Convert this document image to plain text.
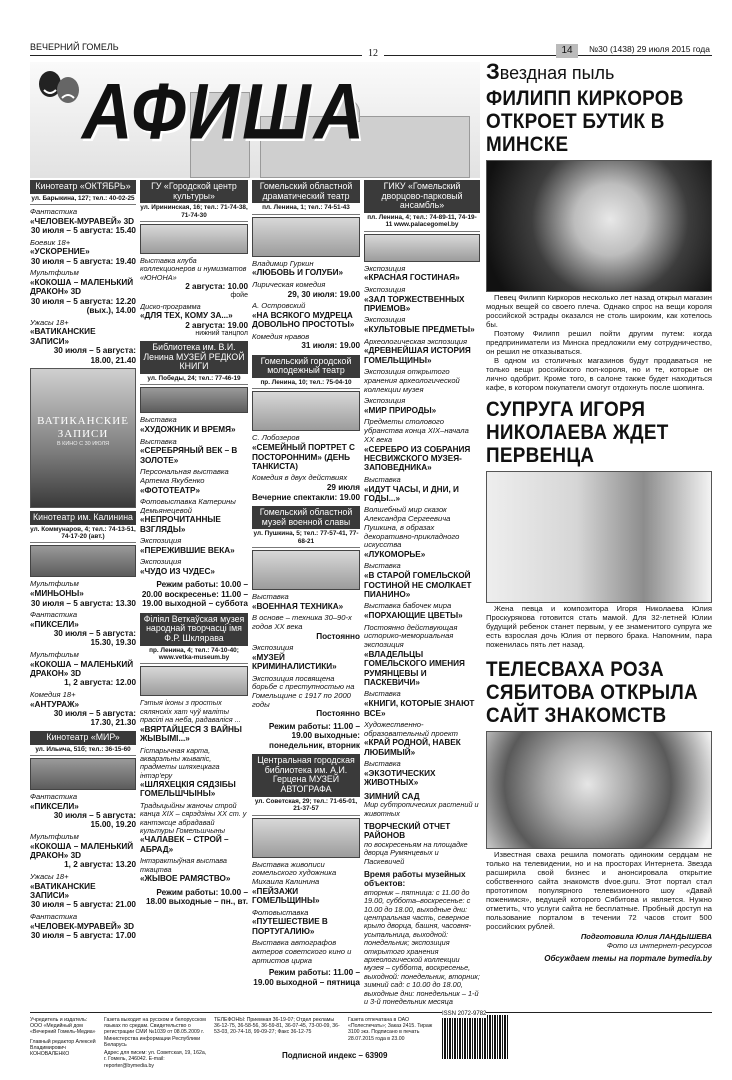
ВЕЧЕРНИЙ ГОМЕЛЬ
12	14	№30 (1438) 29 июля 2015 года
АФИША
Кинотеатр «ОКТЯБРЬ»
ул. Барыкина, 127; тел.: 40-02-25
Фантастика
«ЧЕЛОВЕК-МУРАВЕЙ» 3D
30 июля – 5 августа: 15.40
Боевик 18+
«УСКОРЕНИЕ»
30 июля – 5 августа: 19.40
Мультфильм
«КОКОША – МАЛЕНЬКИЙ ДРАКОН» 3D
30 июля – 5 августа: 12.20 (вых.), 14.00
Ужасы 18+
«ВАТИКАНСКИЕ ЗАПИСИ»
30 июля – 5 августа: 18.00, 21.40
ВАТИКАНСКИЕ ЗАПИСИ
В КИНО С 30 ИЮЛЯ
Кинотеатр им. Калинина
ул. Коммунаров, 4; тел.: 74-13-51, 74-17-20 (авт.)
Мультфильм
«МИНЬОНЫ»
30 июля – 5 августа: 13.30
Фантастика
«ПИКСЕЛИ»
30 июля – 5 августа: 15.30, 19.30
Мультфильм
«КОКОША – МАЛЕНЬКИЙ ДРАКОН» 3D
1, 2 августа: 12.00
Комедия 18+
«АНТУРАЖ»
30 июля – 5 августа: 17.30, 21.30
Кинотеатр «МИР»
ул. Ильича, 51б; тел.: 36-15-60
Фантастика
«ПИКСЕЛИ»
30 июля – 5 августа: 15.00, 19.20
Мультфильм
«КОКОША – МАЛЕНЬКИЙ ДРАКОН» 3D
1, 2 августа: 13.20
Ужасы 18+
«ВАТИКАНСКИЕ ЗАПИСИ»
30 июля – 5 августа: 21.00
Фантастика
«ЧЕЛОВЕК-МУРАВЕЙ» 3D
30 июля – 5 августа: 17.00
ГУ «Городской центр культуры»
ул. Ирининская, 16; тел.: 71-74-38, 71-74-30
Выставка клуба коллекционеров и нумизматов «ЮНОНА»
2 августа: 10.00
фойе
Диско-программа
«ДЛЯ ТЕХ, КОМУ ЗА...»
2 августа: 19.00
нижний танцпол
Библиотека им. В.И. Ленина МУЗЕЙ РЕДКОЙ КНИГИ
ул. Победы, 24; тел.: 77-46-19
Выставка
«ХУДОЖНИК И ВРЕМЯ»
Выставка
«СЕРЕБРЯНЫЙ ВЕК – В ЗОЛОТЕ»
Персональная выставка Артема Якубенко
«ФОТОТЕАТР»
Фотовыставка Катерины Демьянецевой
«НЕПРОЧИТАННЫЕ ВЗГЛЯДЫ»
Экспозиция
«ПЕРЕЖИВШИЕ ВЕКА»
Экспозиция
«ЧУДО ИЗ ЧУДЕС»
Режим работы: 10.00 – 20.00 воскресенье: 11.00 – 19.00 выходной – суббота
Філіял Веткаўская музея народнай творчасці імя Ф.Р. Шклярава
пр. Ленина, 4; тел.: 74-10-40; www.vetka-museum.by
Гэтыя іконы з простых сялянскіх хат чуў маліты прасілі на неба, радаваліся ...
«ВЯРТАЙЦЕСЯ З ВАЙНЫ ЖЫВЫМІ...»
Гістарычная карта, акварэльны жывапіс, прадметы шляхецкага інтэр'еру
«ШЛЯХЕЦКІЯ СЯДЗІБЫ ГОМЕЛЬШЧЫНЫ»
Традыцыйны жаночы строй канца XIX – сярэдзіны XX ст. у кантэксце абрадавай культуры Гомельшчыны
«ЧАЛАВЕК – СТРОЙ – АБРАД»
Інтэрактыўная выстава ткацтва
«ЖЫВОЕ РАМЯСТВО»
Режим работы: 10.00 – 18.00 выходные – пн., вт.
Гомельский областной драматический театр
пл. Ленина, 1; тел.: 74-51-43
Владимир Гуркин
«ЛЮБОВЬ И ГОЛУБИ»
Лирическая комедия
29, 30 июля: 19.00
А. Островский
«НА ВСЯКОГО МУДРЕЦА ДОВОЛЬНО ПРОСТОТЫ»
Комедия нравов
31 июля: 19.00
Гомельский городской молодежный театр
пр. Ленина, 10; тел.: 75-04-10
С. Лобозеров
«СЕМЕЙНЫЙ ПОРТРЕТ С ПОСТОРОННИМ» (ДЕНЬ ТАНКИСТА)
Комедия в двух действиях
29 июля
Вечерние спектакли: 19.00
Гомельский областной музей военной славы
ул. Пушкина, 5; тел.: 77-57-41, 77-68-21
Выставка
«ВОЕННАЯ ТЕХНИКА»
В основе – техника 30–90-х годов XX века
Постоянно
Экспозиция
«МУЗЕЙ КРИМИНАЛИСТИКИ»
Экспозиция посвящена борьбе с преступностью на Гомельщине с 1917 по 2000 годы
Постоянно
Режим работы: 11.00 – 19.00 выходные: понедельник, вторник
Центральная городская библиотека им. А.И. Герцена МУЗЕЙ АВТОГРАФА
ул. Советская, 29; тел.: 71-65-01, 21-37-57
Выставка живописи гомельского художника Михаила Калинина
«ПЕЙЗАЖИ ГОМЕЛЬЩИНЫ»
Фотовыставка
«ПУТЕШЕСТВИЕ В ПОРТУГАЛИЮ»
Выставка автографов актеров советского кино и артистов цирка
Режим работы: 11.00 – 19.00 выходной – пятница
ГИКУ «Гомельский дворцово-парковый ансамбль»
пл. Ленина, 4; тел.: 74-89-11, 74-19-11 www.palacegomel.by
Экспозиция
«КРАСНАЯ ГОСТИНАЯ»
Экспозиция
«ЗАЛ ТОРЖЕСТВЕННЫХ ПРИЕМОВ»
Экспозиция
«КУЛЬТОВЫЕ ПРЕДМЕТЫ»
Археологическая экспозиция
«ДРЕВНЕЙШАЯ ИСТОРИЯ ГОМЕЛЬЩИНЫ»
Экспозиция открытого хранения археологической коллекции музея
Экспозиция
«МИР ПРИРОДЫ»
Предметы столового убранства конца XIX–начала XX века
«СЕРЕБРО ИЗ СОБРАНИЯ НЕСВИЖСКОГО МУЗЕЯ-ЗАПОВЕДНИКА»
Выставка
«ИДУТ ЧАСЫ, И ДНИ, И ГОДЫ...»
Волшебный мир сказок Александра Сергеевича Пушкина, в образах декоративно-прикладного искусства
«ЛУКОМОРЬЕ»
Выставка
«В СТАРОЙ ГОМЕЛЬСКОЙ ГОСТИНОЙ НЕ СМОЛКАЕТ ПИАНИНО»
Выставка бабочек мира
«ПОРХАЮЩИЕ ЦВЕТЫ»
Постоянно действующая историко-мемориальная экспозиция
«ВЛАДЕЛЬЦЫ ГОМЕЛЬСКОГО ИМЕНИЯ РУМЯНЦЕВЫ И ПАСКЕВИЧИ»
Выставка
«КНИГИ, КОТОРЫЕ ЗНАЮТ ВСЕ»
Художественно-образовательный проект
«КРАЙ РОДНОЙ, НАВЕК ЛЮБИМЫЙ»
Выставка
«ЭКЗОТИЧЕСКИХ ЖИВОТНЫХ»
ЗИМНИЙ САД
Мир субтропических растений и животных
ТВОРЧЕСКИЙ ОТЧЕТ РАЙОНОВ
по воскресеньям на площадке дворца Румянцевых и Паскевичей
Время работы музейных объектов:
вторник – пятница: с 11.00 до 19.00, суббота–воскресенье: с 10.00 до 18.00, выходные дни: центральная часть, северное крыло дворца, башня, часовня-усыпальница, выходной: понедельник; экспозиция открытого хранения археологической коллекции музея – суббота, воскресенье, выходной: понедельник, вторник; зимний сад: с 10.00 до 18.00, выходные дни: понедельник – 1-й и 3-й понедельник месяца
Звездная пыль
ФИЛИПП КИРКОРОВ ОТКРОЕТ БУТИК В МИНСКЕ

Певец Филипп Киркоров несколько лет назад открыл магазин модных вещей со своего плеча. Однако спрос на вещи короля российской эстрады оказался не столь широким, как хотелось бы.

Поэтому Филипп решил пойти другим путем: когда предприниматели из Минска предложили ему сотрудничество, он решил не отказываться.

В одном из столичных магазинов будут продаваться не только вещи российского поп-короля, но и те, которые он лично одобрит. Кроме того, в салоне также будет находиться кафе, в котором покупатели смогут отдохнуть после шопинга.

СУПРУГА ИГОРЯ НИКОЛАЕВА ЖДЕТ ПЕРВЕНЦА

Жена певца и композитора Игоря Николаева Юлия Проскурякова готовится стать мамой. Для 32-летней Юлии будущий ребенок станет первым, у ее знаменитого супруга же есть взрослая дочь Юлия от первого брака. Напомним, пара поженилась пять лет назад.

ТЕЛЕСВАХА РОЗА СЯБИТОВА ОТКРЫЛА САЙТ ЗНАКОМСТВ

Известная сваха решила помогать одиноким сердцам не только на телевидении, но и на просторах Интернета. Звезда расширила свой бизнес и анонсировала открытие собственного сайта знакомств dvoe.guru. Этот портал стал прототипом популярного телевизионного шоу «Давай поженимся», ведущей которого Сябитова и является. Нужно отметить, что услуги сайта не бесплатные. Пробный доступ на пользование порталом в течении 72 часов стоит 500 российских рублей.

Подготовила Юлия ЛАНДЫШЕВА
Фото из интернет-ресурсов
Обсуждаем темы на портале bymedia.by
Учредитель и издатель: ООО «Медийный дом «Вечерний Гомель-Медиа»
Главный редактор Алексей Владимирович КОНОВАЛЕНКО
Газета выходит на русском и белорусском языках по средам. Свидетельство о регистрации СМИ №1039 от 08.05.2009 г. Министерства информации Республики Беларусь
Адрес для писем: ул. Советская, 19, 162а, г. Гомель, 246042. E-mail: reporter@bymedia.by
ТЕЛЕФОНЫ: Приемная 36-19-07; Отдел рекламы 36-12-75, 36-58-56, 36-59-81, 36-07-45, 73-00-09, 36-53-03, 20-74-18, 99-09-27; Факс 36-12-75
Газета отпечатана в ОАО «Полеспечать»; Заказ 2415. Тираж 3100 экз. Подписано в печать 28.07.2015 года в 23.00
Подписной индекс – 63909
ISSN 2072-9782
